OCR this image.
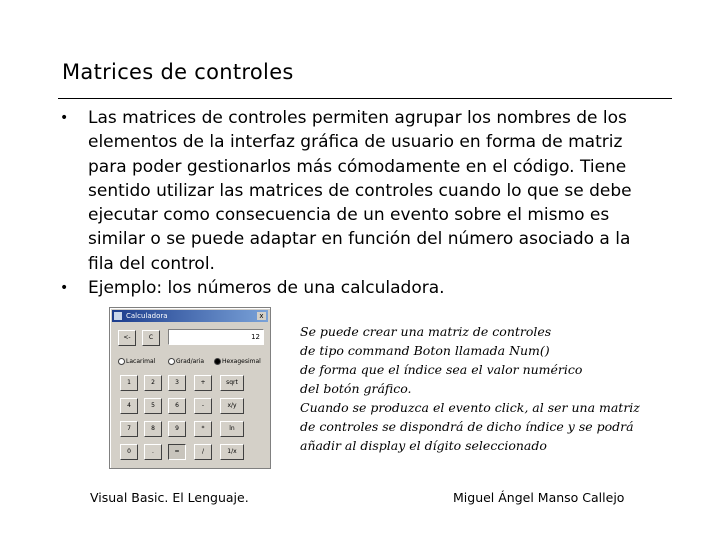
Matrices de controles
• Las matrices de controles permiten agrupar los nombres de los elementos de la interfaz gráfica de usuario en forma de matriz para poder gestionarlos más cómodamente en el código. Tiene sentido utilizar las matrices de controles cuando lo que se debe ejecutar como consecuencia de un evento sobre el mismo es similar o se puede adaptar en función del número asociado a la fila del control.
• Ejemplo: los números de una calculadora.
Calculadora	x
<-	C	12
Lacarimal	Grad/aria	Hexagesimal
1	2	3	+	sqrt
4	5	6	-	x/y
7	8	9	*	ln
0	.	=	/	1/x
Se puede crear una matriz de controles
de tipo command Boton llamada Num()
de forma que el índice sea el valor numérico
del botón gráfico.
Cuando se produzca el evento click, al ser una matriz
de controles se dispondrá de dicho índice y se podrá
añadir al display el dígito seleccionado
Visual Basic. El Lenguaje.	Miguel Ángel Manso Callejo
